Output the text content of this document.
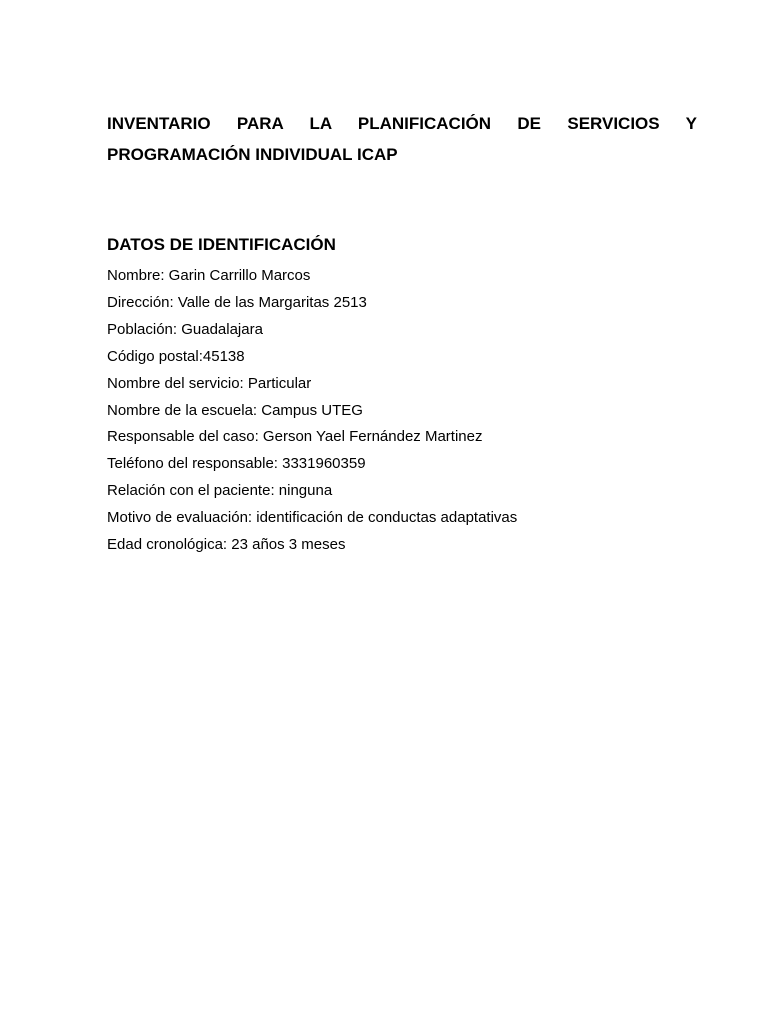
INVENTARIO PARA LA PLANIFICACIÓN DE SERVICIOS Y
PROGRAMACIÓN INDIVIDUAL ICAP
DATOS DE IDENTIFICACIÓN
Nombre: Garin Carrillo Marcos
Dirección: Valle de las Margaritas 2513
Población: Guadalajara
Código postal:45138
Nombre del servicio: Particular
Nombre de la escuela: Campus UTEG
Responsable del caso: Gerson Yael Fernández Martinez
Teléfono del responsable: 3331960359
Relación con el paciente: ninguna
Motivo de evaluación: identificación de conductas adaptativas
Edad cronológica: 23 años 3 meses
